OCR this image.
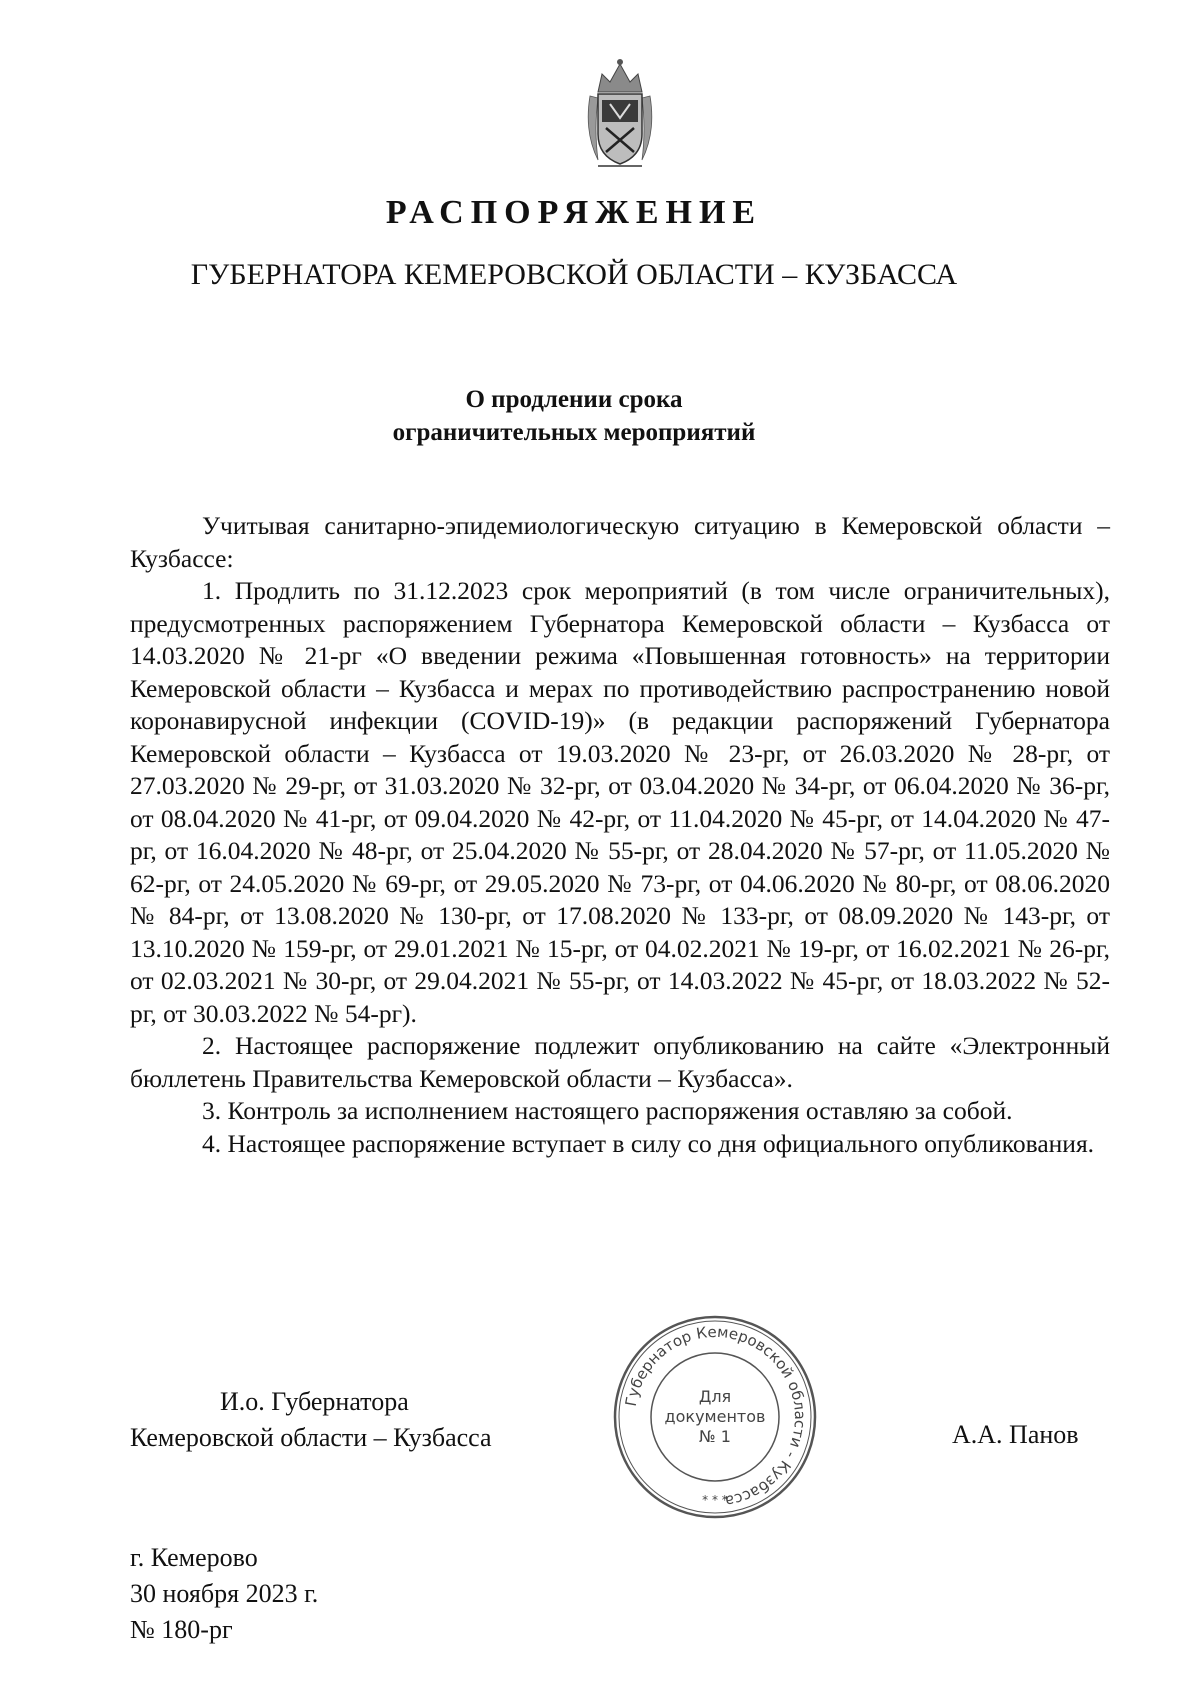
РАСПОРЯЖЕНИЕ
ГУБЕРНАТОРА КЕМЕРОВСКОЙ ОБЛАСТИ – КУЗБАССА
О продлении срока
ограничительных мероприятий

Учитывая санитарно-эпидемиологическую ситуацию в Кемеровской области – Кузбассе:

1. Продлить по 31.12.2023 срок мероприятий (в том числе ограничительных), предусмотренных распоряжением Губернатора Кемеровской области – Кузбасса от 14.03.2020 № 21-рг «О введении режима «Повышенная готовность» на территории Кемеровской области – Кузбасса и мерах по противодействию распространению новой коронавирусной инфекции (COVID-19)» (в редакции распоряжений Губернатора Кемеровской области – Кузбасса от 19.03.2020 № 23-рг, от 26.03.2020 № 28-рг, от 27.03.2020 № 29-рг, от 31.03.2020 № 32-рг, от 03.04.2020 № 34-рг, от 06.04.2020 № 36-рг, от 08.04.2020 № 41-рг, от 09.04.2020 № 42-рг, от 11.04.2020 № 45-рг, от 14.04.2020 № 47-рг, от 16.04.2020 № 48-рг, от 25.04.2020 № 55-рг, от 28.04.2020 № 57-рг, от 11.05.2020 № 62-рг, от 24.05.2020 № 69-рг, от 29.05.2020 № 73-рг, от 04.06.2020 № 80-рг, от 08.06.2020 № 84-рг, от 13.08.2020 № 130-рг, от 17.08.2020 № 133-рг, от 08.09.2020 № 143-рг, от 13.10.2020 № 159-рг, от 29.01.2021 № 15-рг, от 04.02.2021 № 19-рг, от 16.02.2021 № 26-рг, от 02.03.2021 № 30-рг, от 29.04.2021 № 55-рг, от 14.03.2022 № 45-рг, от 18.03.2022 № 52-рг, от 30.03.2022 № 54-рг).

2. Настоящее распоряжение подлежит опубликованию на сайте «Электронный бюллетень Правительства Кемеровской области – Кузбасса».

3. Контроль за исполнением настоящего распоряжения оставляю за собой.

4. Настоящее распоряжение вступает в силу со дня официального опубликования.

И.о. Губернатора
Кемеровской области – Кузбасса
Губернатор Кемеровской области - Кузбасса
Для
документов
№ 1
* * *
А.А. Панов
г. Кемерово
30 ноября 2023 г.
№ 180-рг
